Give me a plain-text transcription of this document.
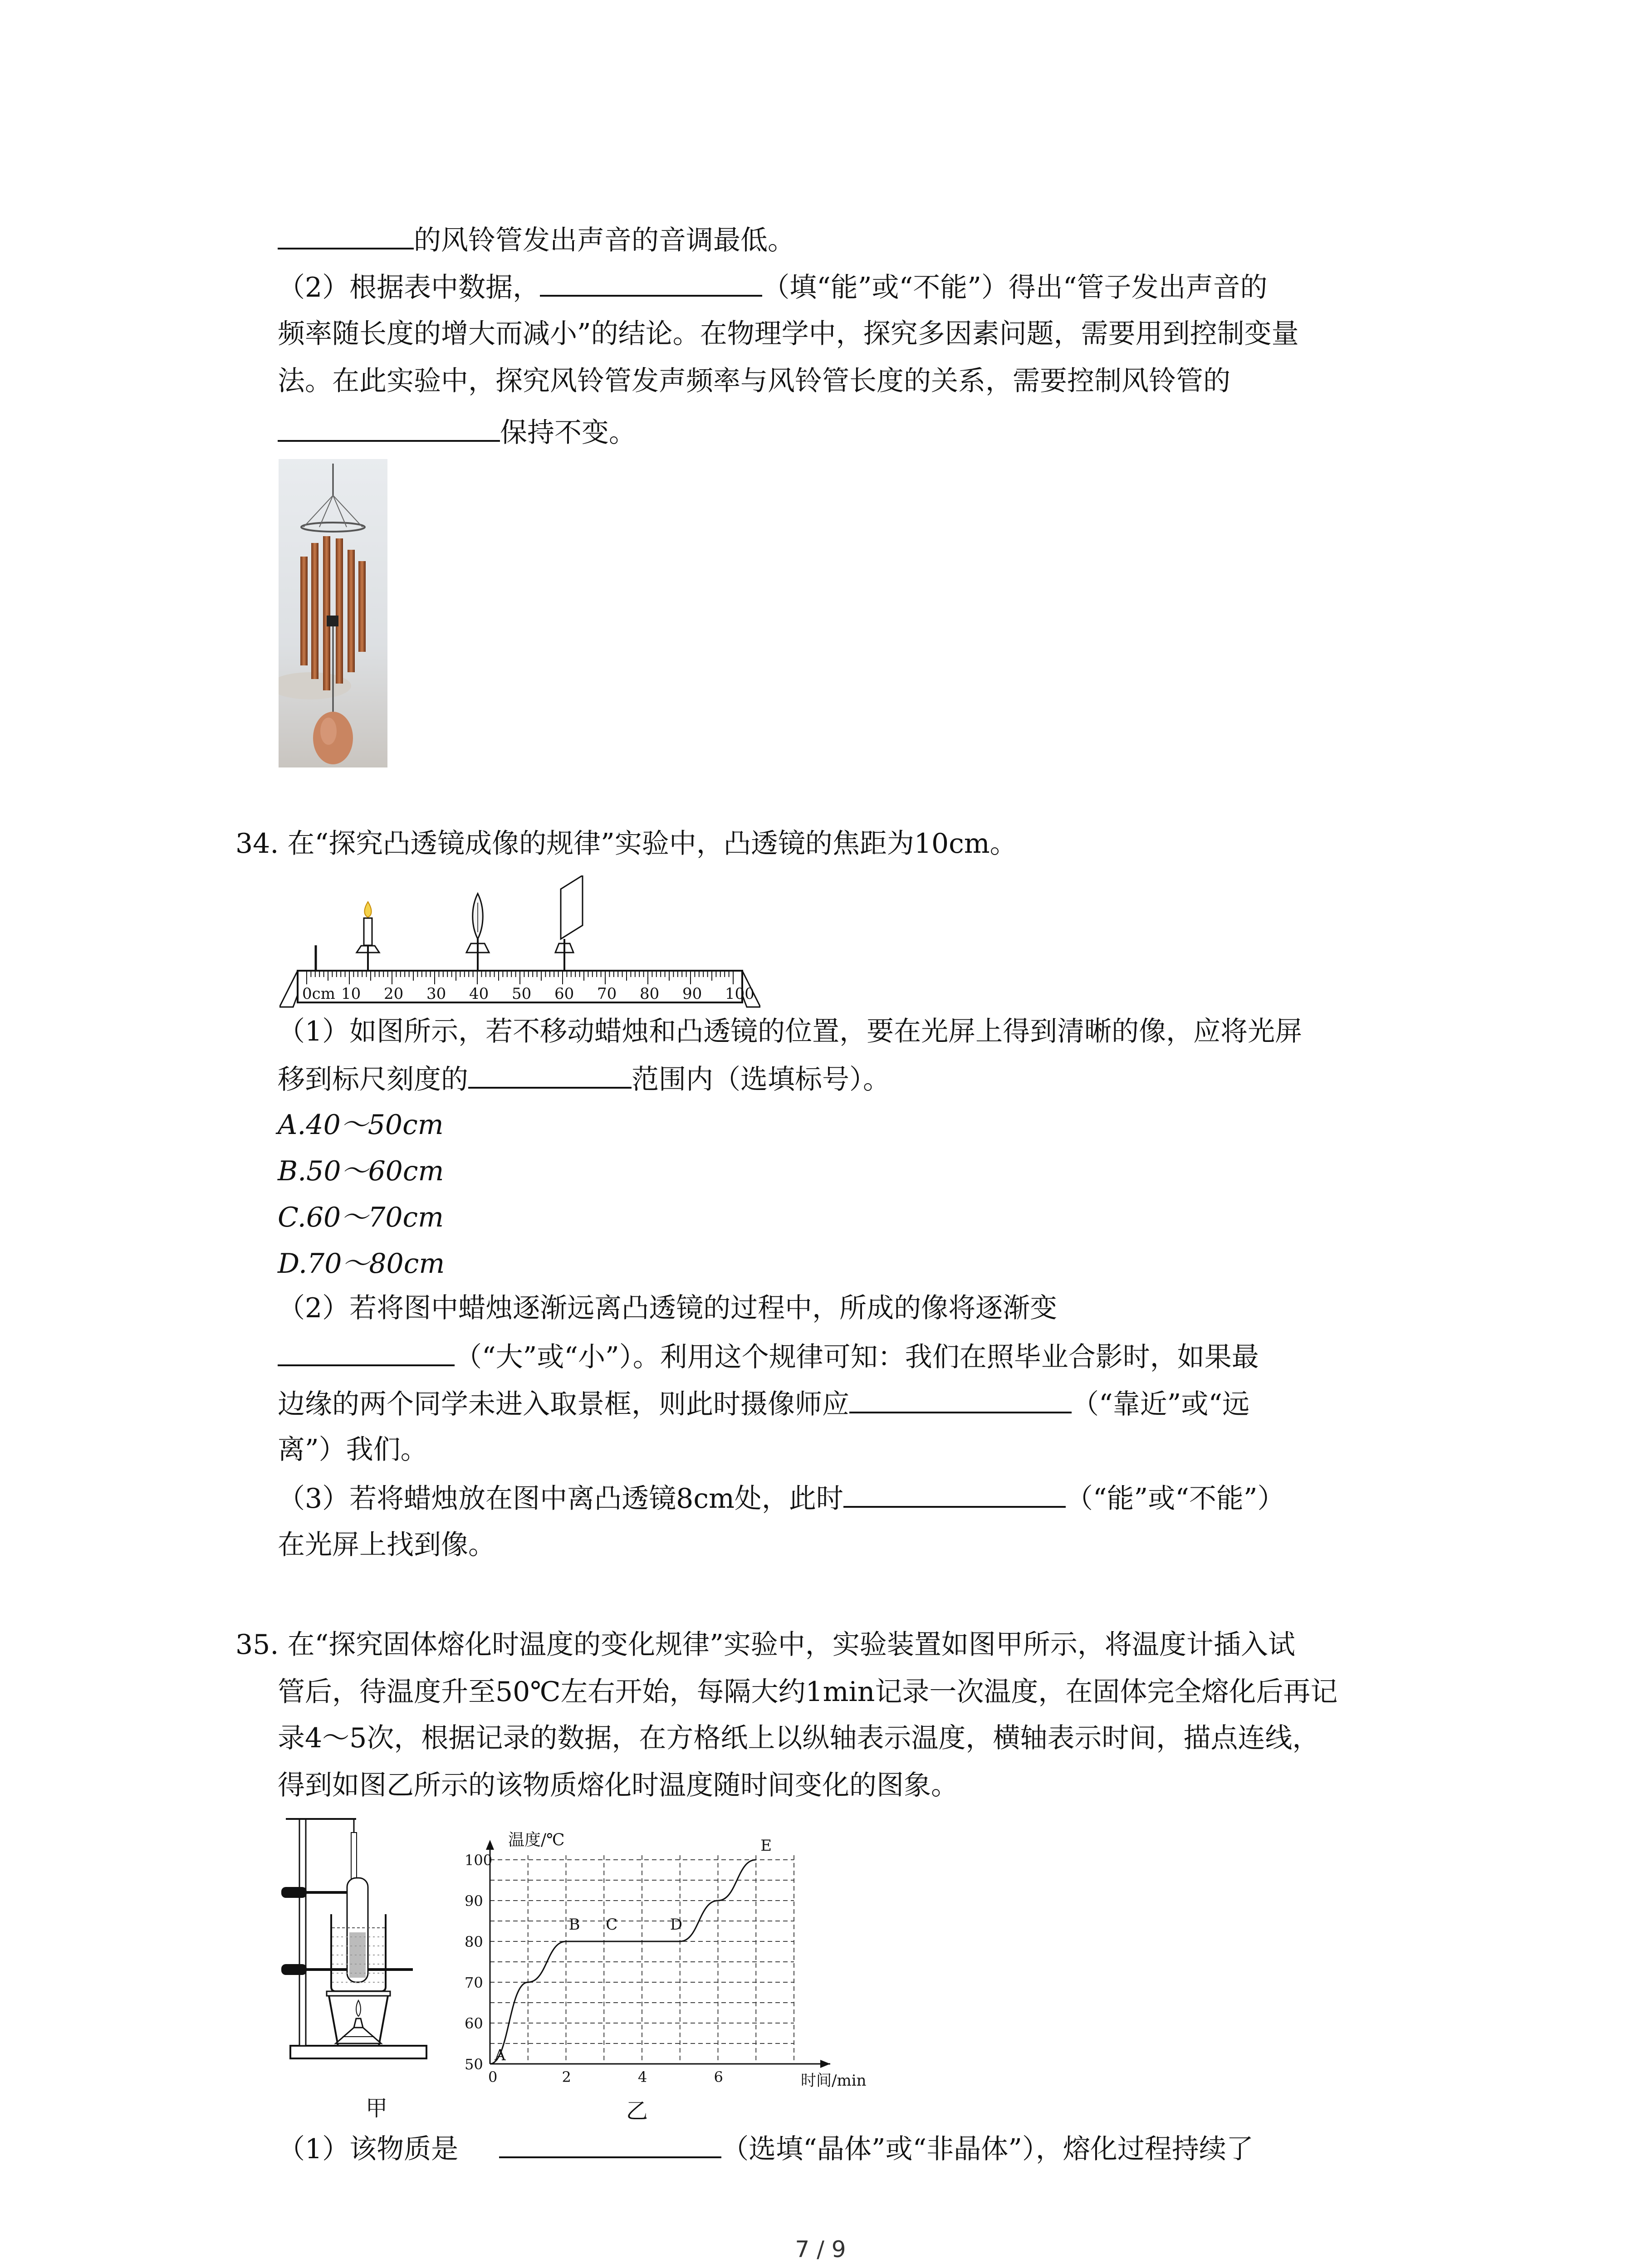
的风铃管发出声音的音调最低。
（2）根据表中数据，	（填“能”或“不能”）得出“管子发出声音的
频率随长度的增大而减小”的结论。在物理学中，探究多因素问题，需要用到控制变量
法。在此实验中，探究风铃管发声频率与风铃管长度的关系，需要控制风铃管的
保持不变。
34. 在“探究凸透镜成像的规律”实验中，凸透镜的焦距为10cm。
0cm 10 20 30 40 50 60 70 80 90 100
（1）如图所示，若不移动蜡烛和凸透镜的位置，要在光屏上得到清晰的像，应将光屏
移到标尺刻度的	范围内（选填标号）。
A.40～50cm
B.50～60cm
C.60～70cm
D.70～80cm
（2）若将图中蜡烛逐渐远离凸透镜的过程中，所成的像将逐渐变
（“大”或“小”）。利用这个规律可知：我们在照毕业合影时，如果最
边缘的两个同学未进入取景框，则此时摄像师应	（“靠近”或“远
离”）我们。
（3）若将蜡烛放在图中离凸透镜8cm处，此时	（“能”或“不能”）
在光屏上找到像。
35. 在“探究固体熔化时温度的变化规律”实验中，实验装置如图甲所示，将温度计插入试
管后，待温度升至50℃左右开始，每隔大约1min记录一次温度，在固体完全熔化后再记
录4～5次，根据记录的数据，在方格纸上以纵轴表示温度，横轴表示时间，描点连线，
得到如图乙所示的该物质熔化时温度随时间变化的图象。
甲
50
60
70
80
90
100
2	4	6
0
A
B C	D
E
温度/℃
时间/min
乙
（1）该物质是	（选填“晶体”或“非晶体”），熔化过程持续了
7 / 9
